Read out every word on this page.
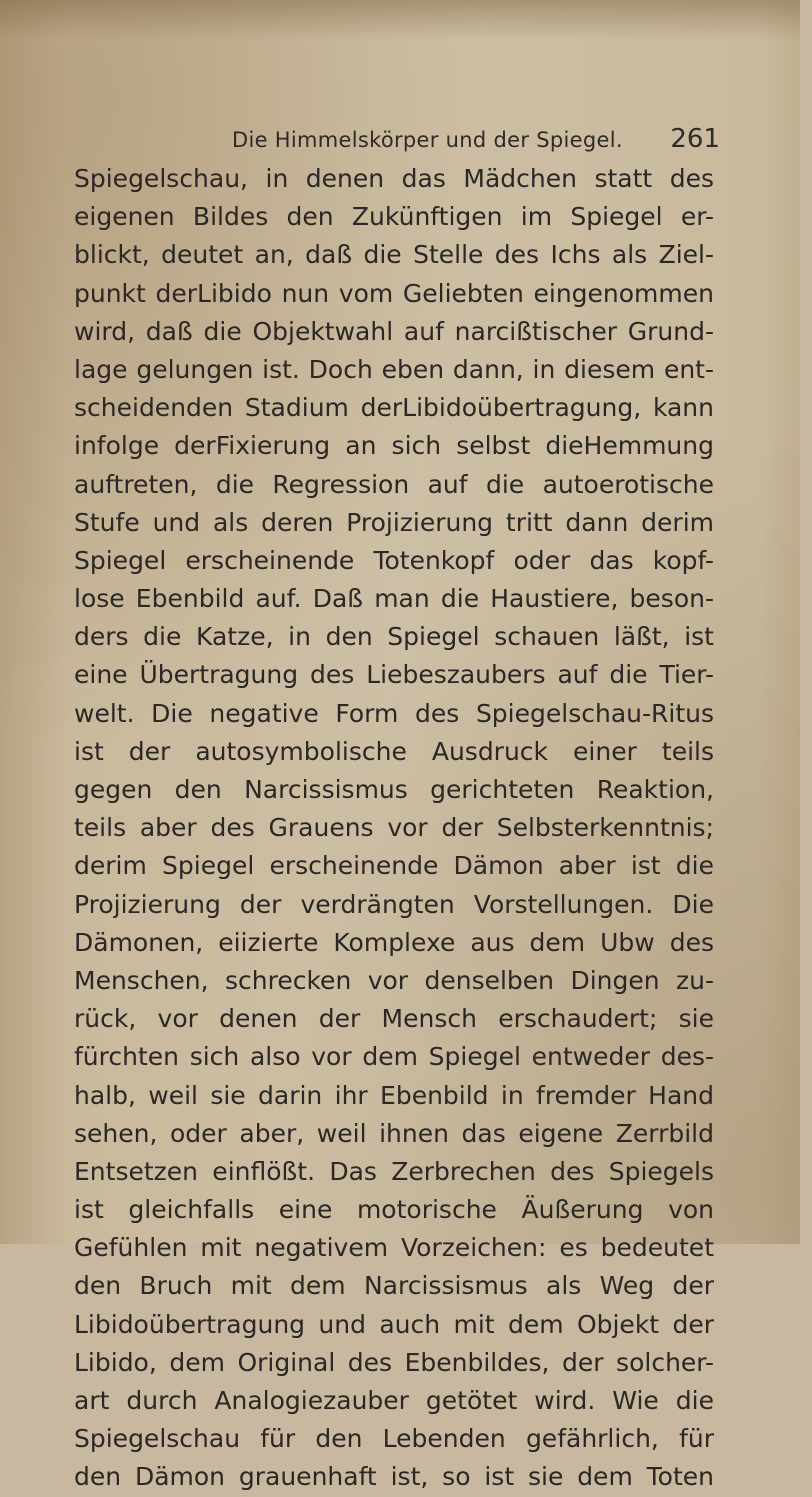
Die Himmelskörper und der Spiegel.	261
Spiegelschau, in denen das Mädchen statt des
eigenen Bildes den Zukünftigen im Spiegel er-
blickt, deutet an, daß die Stelle des Ichs als Ziel-
punkt derLibido nun vom Geliebten eingenommen
wird, daß die Objektwahl auf narcißtischer Grund-
lage gelungen ist. Doch eben dann, in diesem ent-
scheidenden Stadium derLibidoübertragung, kann
infolge derFixierung an sich selbst dieHemmung
auftreten, die Regression auf die autoerotische
Stufe und als deren Projizierung tritt dann derim
Spiegel erscheinende Totenkopf oder das kopf-
lose Ebenbild auf. Daß man die Haustiere, beson-
ders die Katze, in den Spiegel schauen läßt, ist
eine Übertragung des Liebeszaubers auf die Tier-
welt. Die negative Form des Spiegelschau-Ritus
ist der autosymbolische Ausdruck einer teils
gegen den Narcissismus gerichteten Reaktion,
teils aber des Grauens vor der Selbsterkenntnis;
derim Spiegel erscheinende Dämon aber ist die
Projizierung der verdrängten Vorstellungen. Die
Dämonen, eiizierte Komplexe aus dem Ubw des
Menschen, schrecken vor denselben Dingen zu-
rück, vor denen der Mensch erschaudert; sie
fürchten sich also vor dem Spiegel entweder des-
halb, weil sie darin ihr Ebenbild in fremder Hand
sehen, oder aber, weil ihnen das eigene Zerrbild
Entsetzen einflößt. Das Zerbrechen des Spiegels
ist gleichfalls eine motorische Äußerung von
Gefühlen mit negativem Vorzeichen: es bedeutet
den Bruch mit dem Narcissismus als Weg der
Libidoübertragung und auch mit dem Objekt der
Libido, dem Original des Ebenbildes, der solcher-
art durch Analogiezauber getötet wird. Wie die
Spiegelschau für den Lebenden gefährlich, für
den Dämon grauenhaft ist, so ist sie dem Toten
